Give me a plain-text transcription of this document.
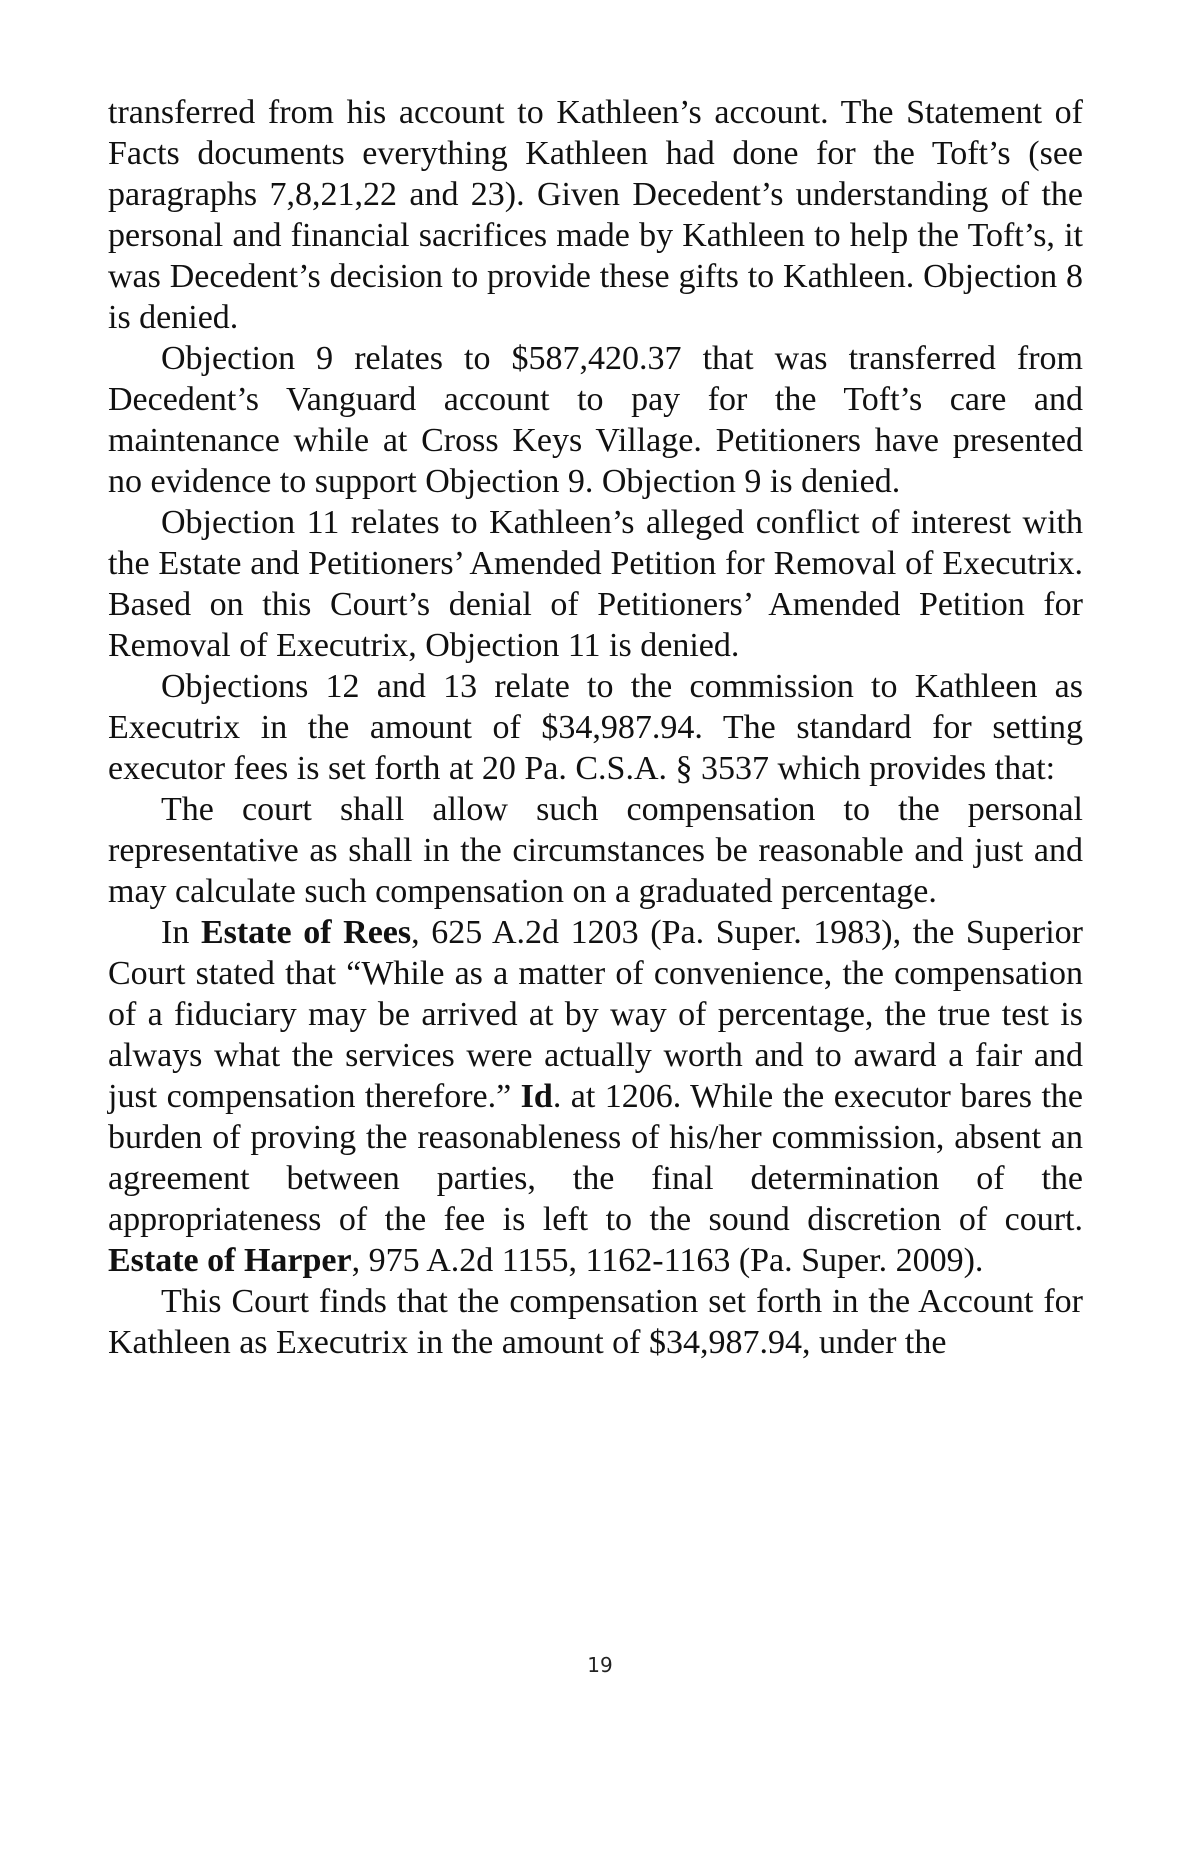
transferred from his account to Kathleen’s account. The Statement of Facts documents everything Kathleen had done for the Toft’s (see paragraphs 7,8,21,22 and 23). Given Decedent’s understanding of the personal and financial sacrifices made by Kathleen to help the Toft’s, it was Decedent’s decision to provide these gifts to Kathleen. Objection 8 is denied.

Objection 9 relates to $587,420.37 that was transferred from Decedent’s Vanguard account to pay for the Toft’s care and maintenance while at Cross Keys Village. Petitioners have presented no evidence to support Objection 9. Objection 9 is denied.

Objection 11 relates to Kathleen’s alleged conflict of interest with the Estate and Petitioners’ Amended Petition for Removal of Executrix. Based on this Court’s denial of Petitioners’ Amended Petition for Removal of Executrix, Objection 11 is denied.

Objections 12 and 13 relate to the commission to Kathleen as Executrix in the amount of $34,987.94. The standard for setting executor fees is set forth at 20 Pa. C.S.A. § 3537 which provides that:

The court shall allow such compensation to the personal representative as shall in the circumstances be reasonable and just and may calculate such compensation on a graduated percentage.

In Estate of Rees, 625 A.2d 1203 (Pa. Super. 1983), the Superior Court stated that “While as a matter of convenience, the compensation of a fiduciary may be arrived at by way of percentage, the true test is always what the services were actually worth and to award a fair and just compensation therefore.” Id. at 1206. While the executor bares the burden of proving the reasonableness of his/her commission, absent an agreement between parties, the final determination of the appropriateness of the fee is left to the sound discretion of court. Estate of Harper, 975 A.2d 1155, 1162-1163 (Pa. Super. 2009).

This Court finds that the compensation set forth in the Account for Kathleen as Executrix in the amount of $34,987.94, under the

19
